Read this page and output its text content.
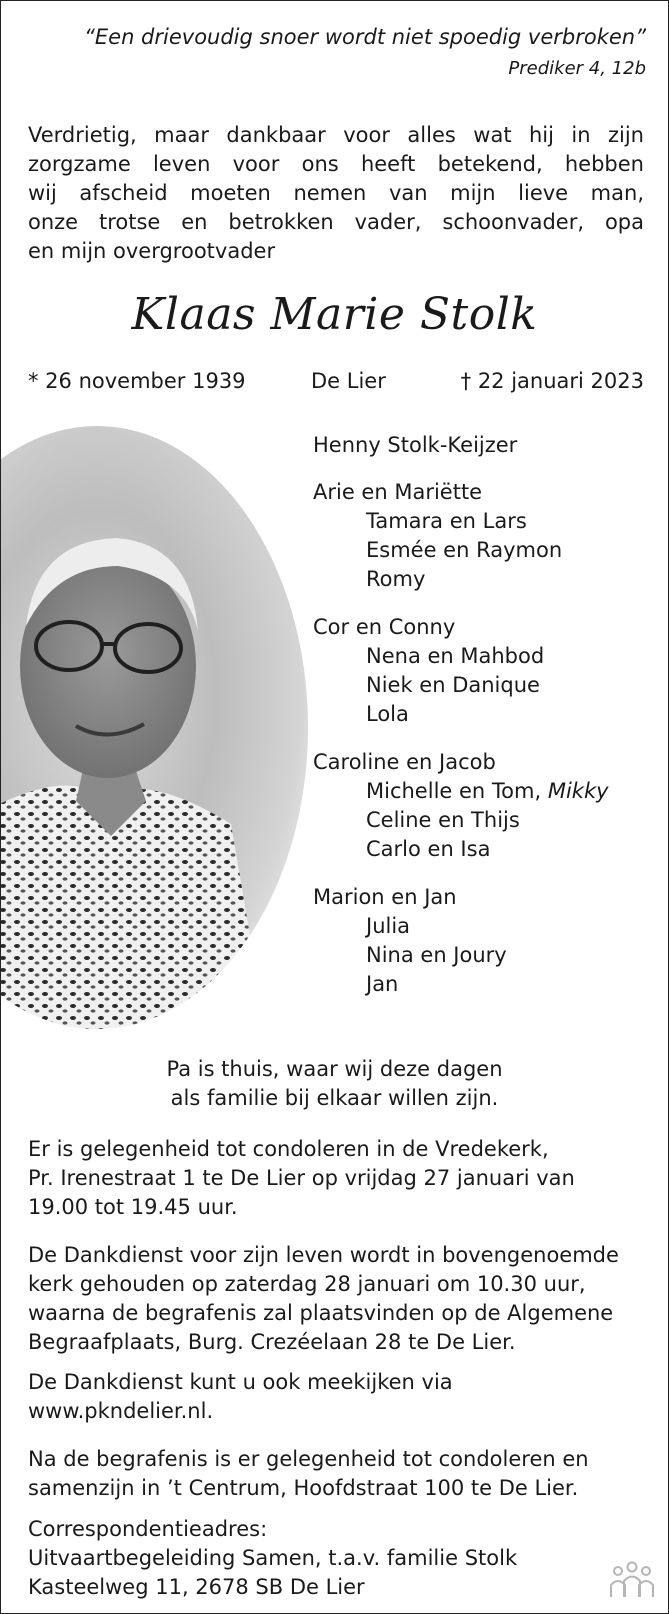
“Een drievoudig snoer wordt niet spoedig verbroken”
Prediker 4, 12b
Verdrietig, maar dankbaar voor alles wat hij in zijn
zorgzame leven voor ons heeft betekend, hebben
wij afscheid moeten nemen van mijn lieve man,
onze trotse en betrokken vader, schoonvader, opa
en mijn overgrootvader
Klaas Marie Stolk
* 26 november 1939	De Lier	† 22 januari 2023
Henny Stolk-Keijzer
Arie en Mariëtte
Tamara en Lars
Esmée en Raymon
Romy
Cor en Conny
Nena en Mahbod
Niek en Danique
Lola
Caroline en Jacob
Michelle en Tom, Mikky
Celine en Thijs
Carlo en Isa
Marion en Jan
Julia
Nina en Joury
Jan
Pa is thuis, waar wij deze dagen
als familie bij elkaar willen zijn.
Er is gelegenheid tot condoleren in de Vredekerk,
Pr. Irenestraat 1 te De Lier op vrijdag 27 januari van
19.00 tot 19.45 uur.
De Dankdienst voor zijn leven wordt in bovengenoemde
kerk gehouden op zaterdag 28 januari om 10.30 uur,
waarna de begrafenis zal plaatsvinden op de Algemene
Begraafplaats, Burg. Crezéelaan 28 te De Lier.
De Dankdienst kunt u ook meekijken via
www.pkndelier.nl.
Na de begrafenis is er gelegenheid tot condoleren en
samenzijn in ’t Centrum, Hoofdstraat 100 te De Lier.
Correspondentieadres:
Uitvaartbegeleiding Samen, t.a.v. familie Stolk
Kasteelweg 11, 2678 SB De Lier
